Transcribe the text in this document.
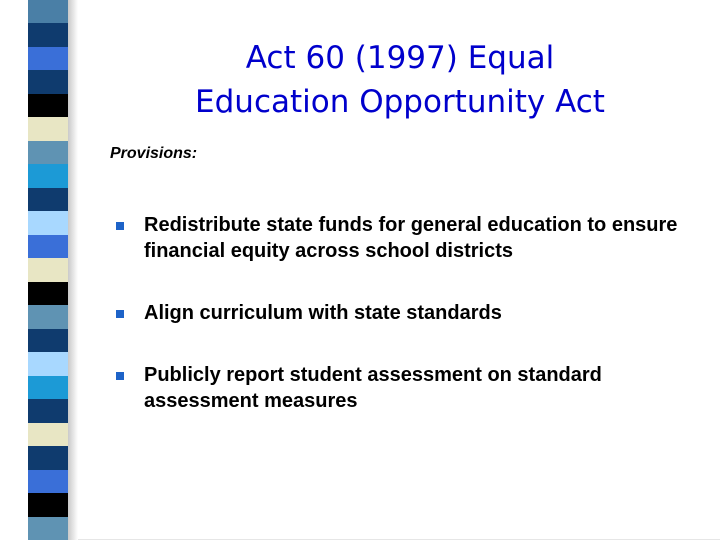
Act 60 (1997) Equal
Education Opportunity Act
Provisions:
Redistribute state funds for general education to ensure financial equity across school districts
Align curriculum with state standards
Publicly report student assessment on standard assessment measures
